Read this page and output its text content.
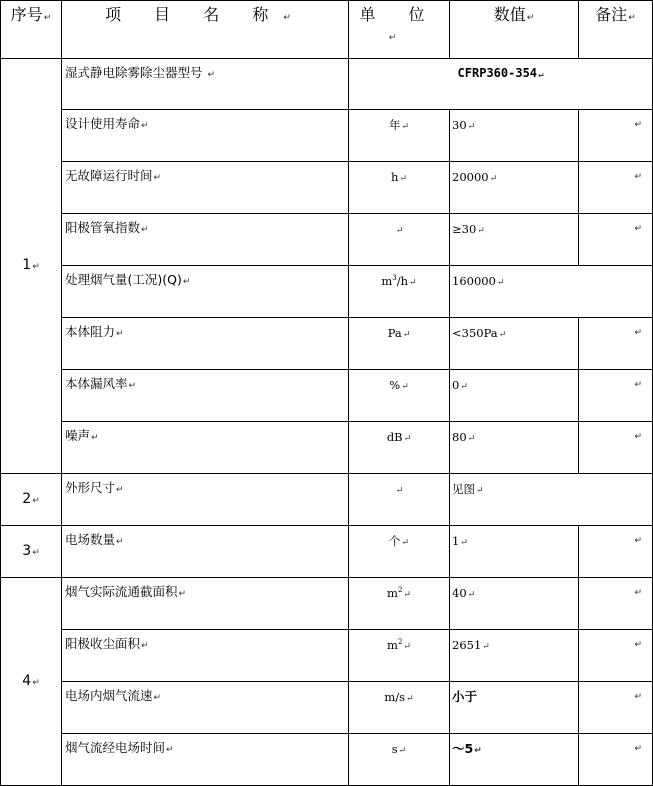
序号↵	项 目 名 称↵	单 位↵	数值↵	备注↵
1↵	湿式静电除雾除尘器型号 ↵	CFRP360-354↵		
	设计使用寿命↵	年↵	30↵	↵
	无故障运行时间↵	h↵	20000↵	↵
	阳极管氧指数↵	↵	≥30↵	↵
	处理烟气量(工况)(Q)↵	$m^3/h↵$	160000↵	
	本体阻力↵	Pa↵	<350Pa↵	↵
	本体漏风率↵	%↵	0↵	↵
	噪声↵	dB↵	80↵	↵
2↵	外形尺寸↵	↵	见图↵	
3↵	电场数量↵	个↵	1↵	↵
4↵	烟气实际流通截面积↵	$m^2↵$	40↵	↵
	阳极收尘面积↵	$m^2↵$	2651↵	↵
	电场内烟气流速↵	m/s↵	小于	↵
	烟气流经电场时间↵	s↵	～5↵	↵
